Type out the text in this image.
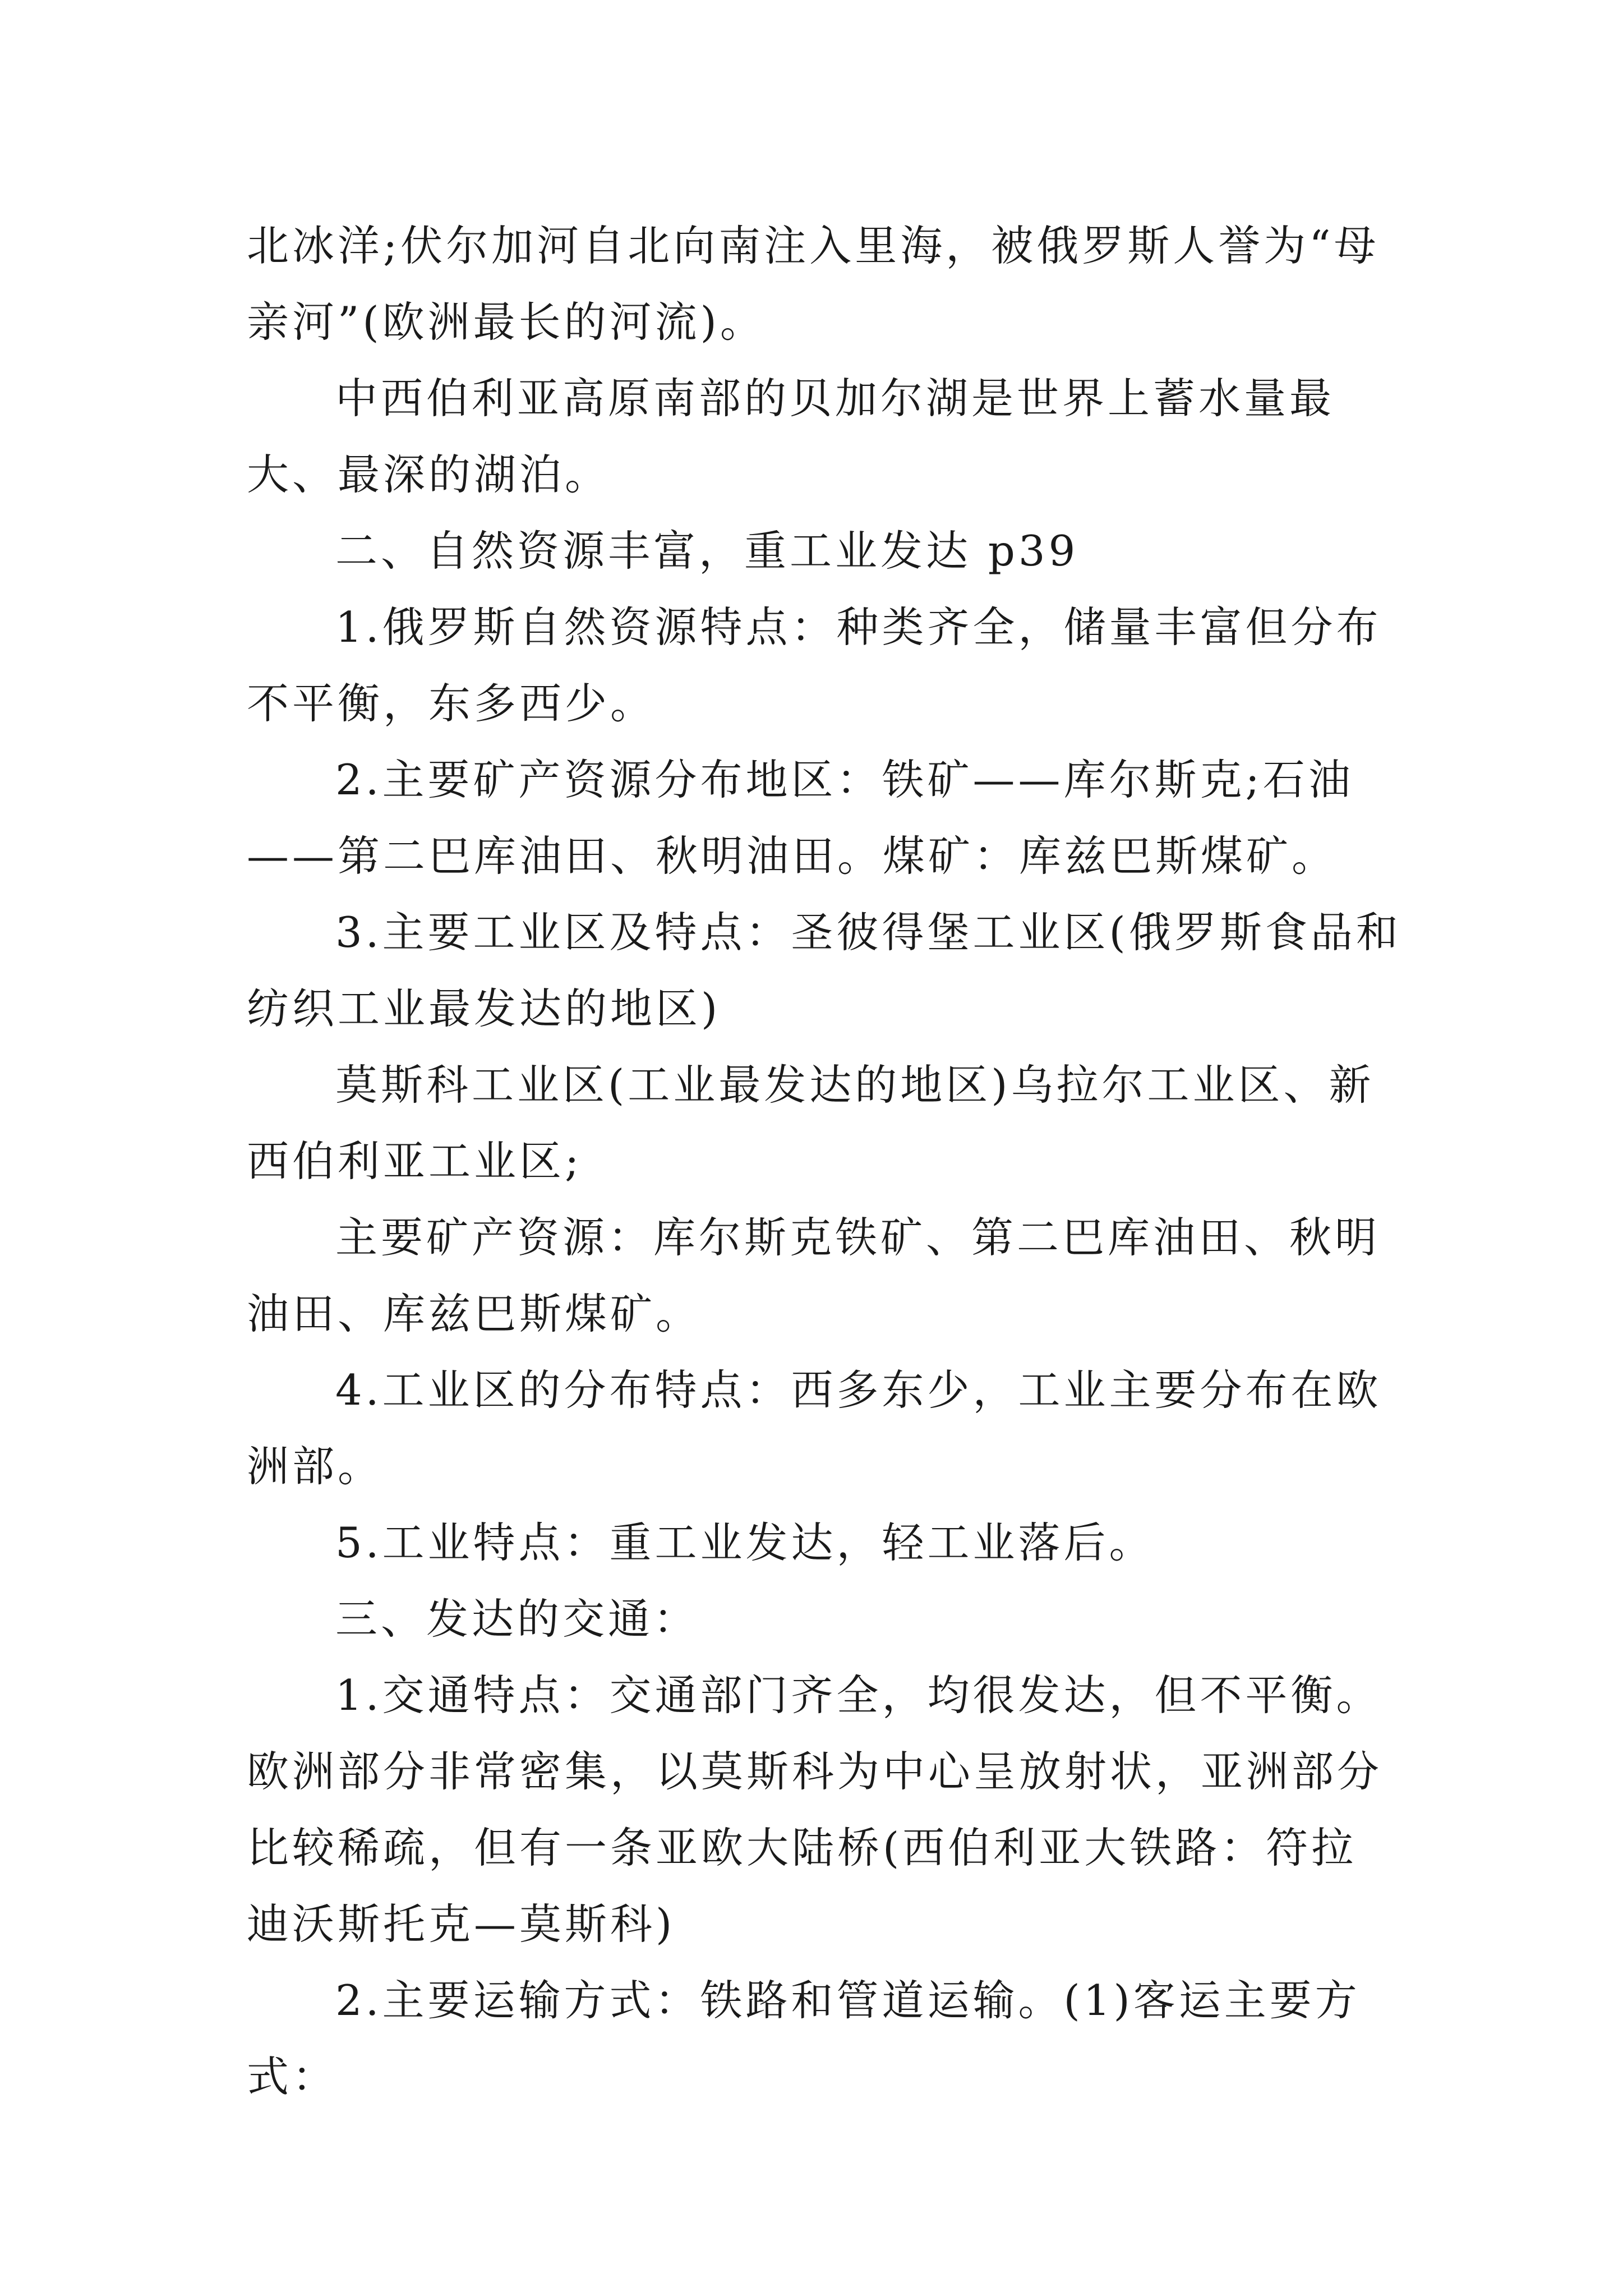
北冰洋;伏尔加河自北向南注入里海，被俄罗斯人誉为“母亲河”(欧洲最长的河流)。

中西伯利亚高原南部的贝加尔湖是世界上蓄水量最大、最深的湖泊。

二、自然资源丰富，重工业发达 p39

1.俄罗斯自然资源特点：种类齐全，储量丰富但分布不平衡，东多西少。

2.主要矿产资源分布地区：铁矿——库尔斯克;石油——第二巴库油田、秋明油田。煤矿：库兹巴斯煤矿。

3.主要工业区及特点：圣彼得堡工业区(俄罗斯食品和纺织工业最发达的地区)

莫斯科工业区(工业最发达的地区)乌拉尔工业区、新西伯利亚工业区;

主要矿产资源：库尔斯克铁矿、第二巴库油田、秋明油田、库兹巴斯煤矿。

4.工业区的分布特点：西多东少，工业主要分布在欧洲部。

5.工业特点：重工业发达，轻工业落后。

三、发达的交通：

1.交通特点：交通部门齐全，均很发达，但不平衡。欧洲部分非常密集，以莫斯科为中心呈放射状，亚洲部分比较稀疏，但有一条亚欧大陆桥(西伯利亚大铁路：符拉迪沃斯托克—莫斯科)

2.主要运输方式：铁路和管道运输。(1)客运主要方式：
